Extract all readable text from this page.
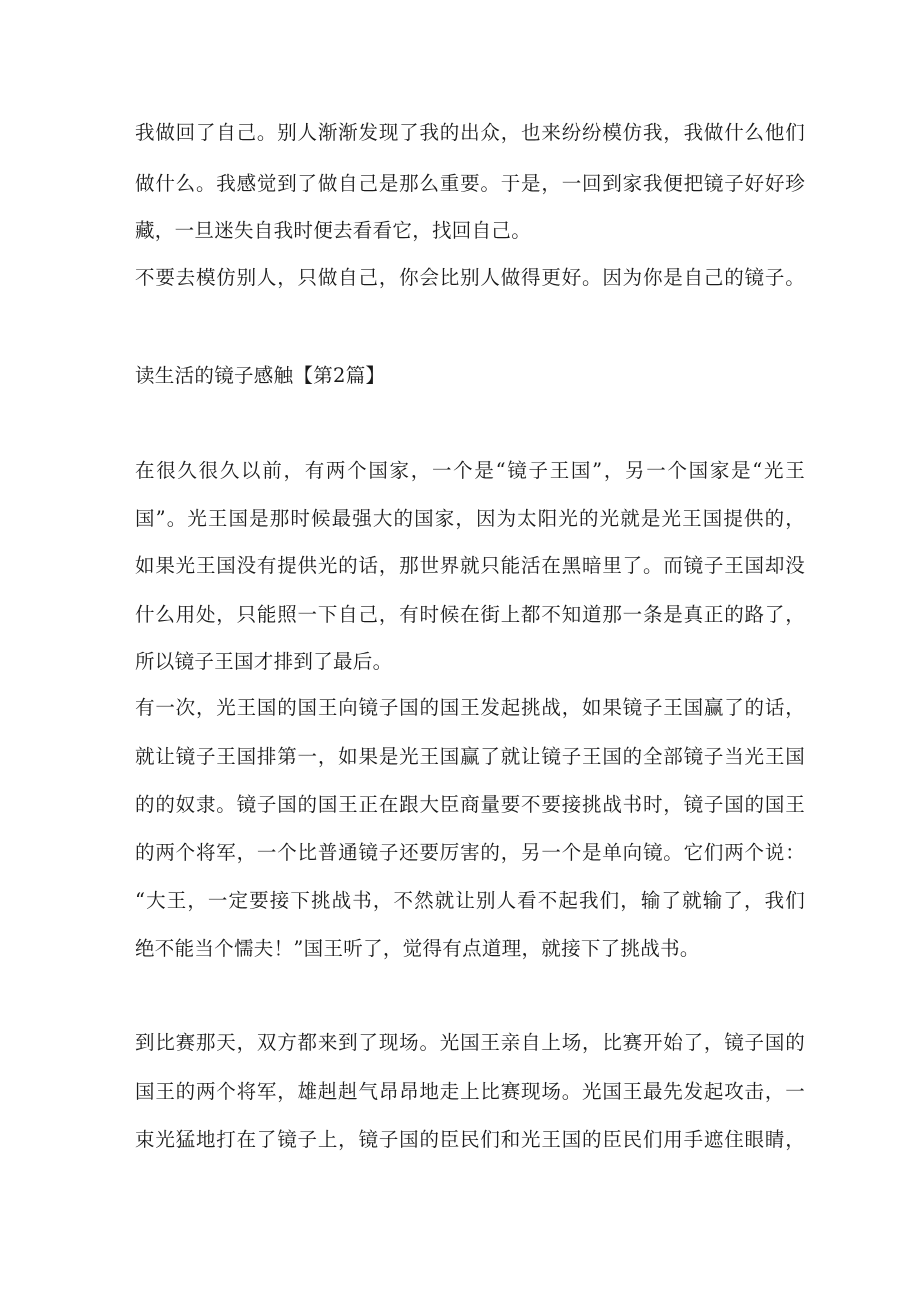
我做回了自己。别人渐渐发现了我的出众，也来纷纷模仿我，我做什么他们
做什么。我感觉到了做自己是那么重要。于是，一回到家我便把镜子好好珍
藏，一旦迷失自我时便去看看它，找回自己。
不要去模仿别人，只做自己，你会比别人做得更好。因为你是自己的镜子。
读生活的镜子感触【第2篇】
在很久很久以前，有两个国家，一个是“镜子王国”，另一个国家是“光王
国”。光王国是那时候最强大的国家，因为太阳光的光就是光王国提供的，
如果光王国没有提供光的话，那世界就只能活在黑暗里了。而镜子王国却没
什么用处，只能照一下自己，有时候在街上都不知道那一条是真正的路了，
所以镜子王国才排到了最后。
有一次，光王国的国王向镜子国的国王发起挑战，如果镜子王国赢了的话，
就让镜子王国排第一，如果是光王国赢了就让镜子王国的全部镜子当光王国
的的奴隶。镜子国的国王正在跟大臣商量要不要接挑战书时，镜子国的国王
的两个将军，一个比普通镜子还要厉害的，另一个是单向镜。它们两个说：
“大王，一定要接下挑战书，不然就让别人看不起我们，输了就输了，我们
绝不能当个懦夫！”国王听了，觉得有点道理，就接下了挑战书。
到比赛那天，双方都来到了现场。光国王亲自上场，比赛开始了，镜子国的
国王的两个将军，雄赳赳气昂昂地走上比赛现场。光国王最先发起攻击，一
束光猛地打在了镜子上，镜子国的臣民们和光王国的臣民们用手遮住眼睛，
